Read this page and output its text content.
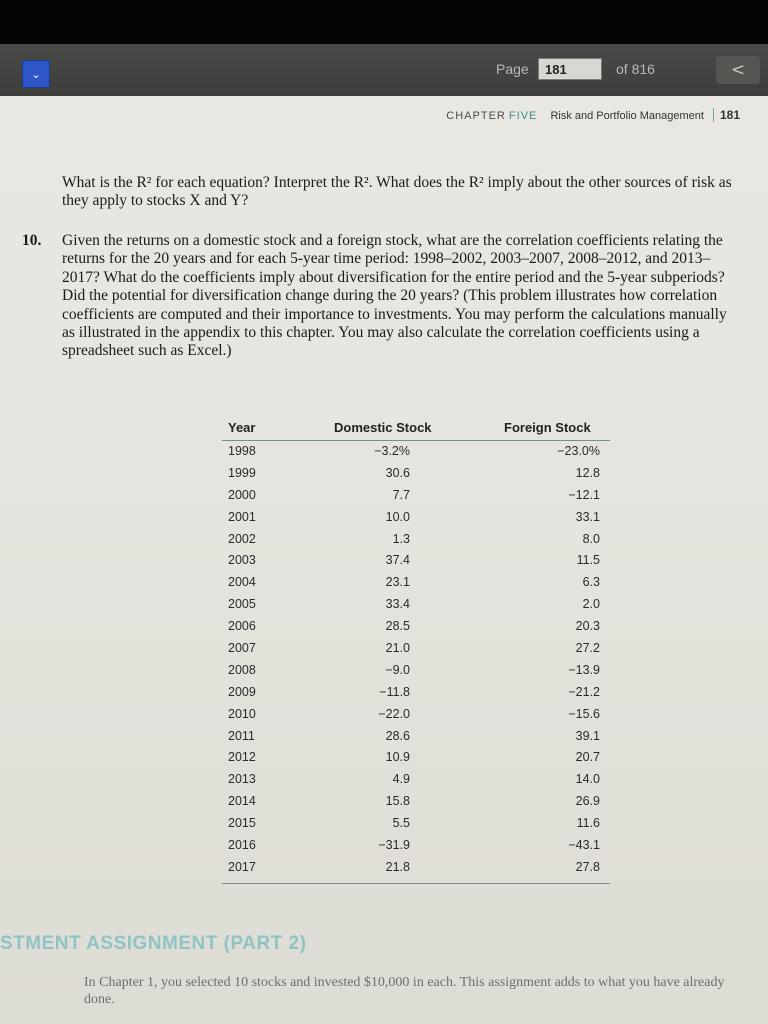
⌄	Page
181	of 816	<
CHAPTER FIVE Risk and Portfolio Management 181
What is the R² for each equation? Interpret the R². What does the R² imply about the other sources of risk as they apply to stocks X and Y?
10. Given the returns on a domestic stock and a foreign stock, what are the correlation coefficients relating the returns for the 20 years and for each 5-year time period: 1998–2002, 2003–2007, 2008–2012, and 2013–2017? What do the coefficients imply about diversification for the entire period and the 5-year subperiods? Did the potential for diversification change during the 20 years? (This problem illustrates how correlation coefficients are computed and their importance to investments. You may perform the calculations manually as illustrated in the appendix to this chapter. You may also calculate the correlation coefficients using a spreadsheet such as Excel.)
Year	Domestic Stock	Foreign Stock
1998	−3.2%	−23.0%
1999	30.6	12.8
2000	7.7	−12.1
2001	10.0	33.1
2002	1.3	8.0
2003	37.4	11.5
2004	23.1	6.3
2005	33.4	2.0
2006	28.5	20.3
2007	21.0	27.2
2008	−9.0	−13.9
2009	−11.8	−21.2
2010	−22.0	−15.6
2011	28.6	39.1
2012	10.9	20.7
2013	4.9	14.0
2014	15.8	26.9
2015	5.5	11.6
2016	−31.9	−43.1
2017	21.8	27.8
STMENT ASSIGNMENT (PART 2)
In Chapter 1, you selected 10 stocks and invested $10,000 in each. This assignment adds to what you have already done.
